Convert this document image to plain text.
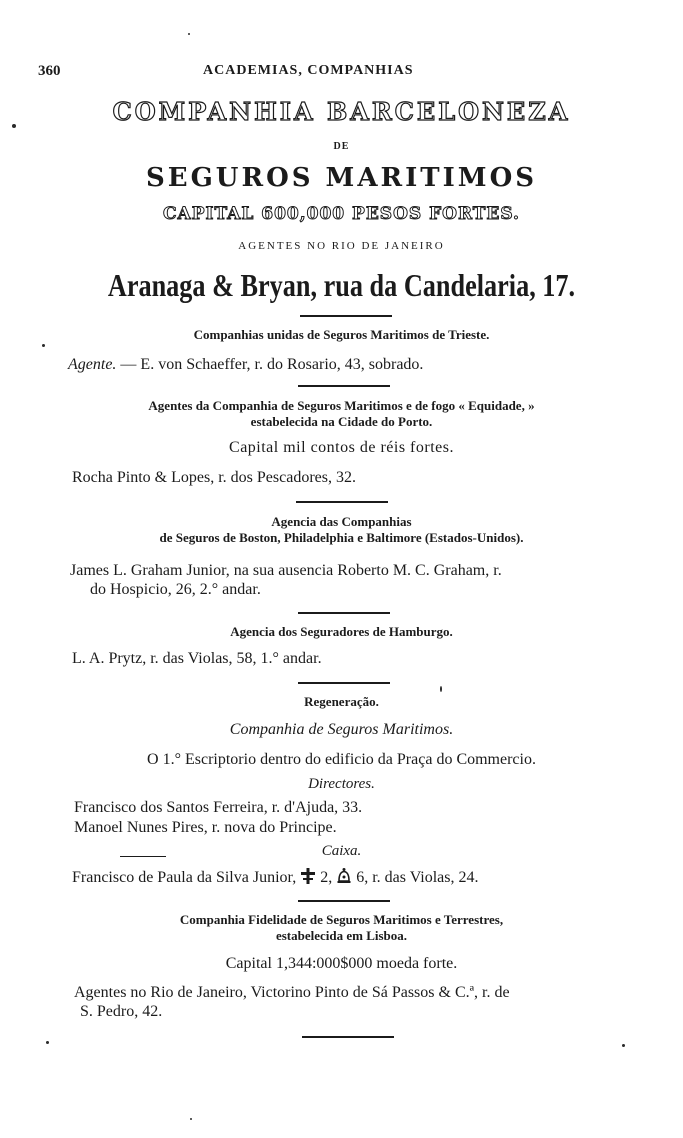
360	ACADEMIAS, COMPANHIAS
COMPANHIA BARCELONEZA
DE
SEGUROS MARITIMOS
CAPITAL 600,000 PESOS FORTES.
AGENTES NO RIO DE JANEIRO
Aranaga & Bryan, rua da Candelaria, 17.
Companhias unidas de Seguros Maritimos de Trieste.
Agente. — E. von Schaeffer, r. do Rosario, 43, sobrado.
Agentes da Companhia de Seguros Maritimos e de fogo « Equidade, »
estabelecida na Cidade do Porto.
Capital mil contos de réis fortes.
Rocha Pinto & Lopes, r. dos Pescadores, 32.
Agencia das Companhias
de Seguros de Boston, Philadelphia e Baltimore (Estados-Unidos).
James L. Graham Junior, na sua ausencia Roberto M. C. Graham, r.
do Hospicio, 26, 2.° andar.
Agencia dos Seguradores de Hamburgo.
L. A. Prytz, r. das Violas, 58, 1.° andar.
Regeneração.
Companhia de Seguros Maritimos.
O 1.° Escriptorio dentro do edificio da Praça do Commercio.
Directores.
Francisco dos Santos Ferreira, r. d'Ajuda, 33.
Manoel Nunes Pires, r. nova do Principe.
Caixa.
Francisco de Paula da Silva Junior, 2, 6, r. das Violas, 24.
Companhia Fidelidade de Seguros Maritimos e Terrestres,
estabelecida em Lisboa.
Capital 1,344:000$000 moeda forte.
Agentes no Rio de Janeiro, Victorino Pinto de Sá Passos & C.ª, r. de
S. Pedro, 42.
